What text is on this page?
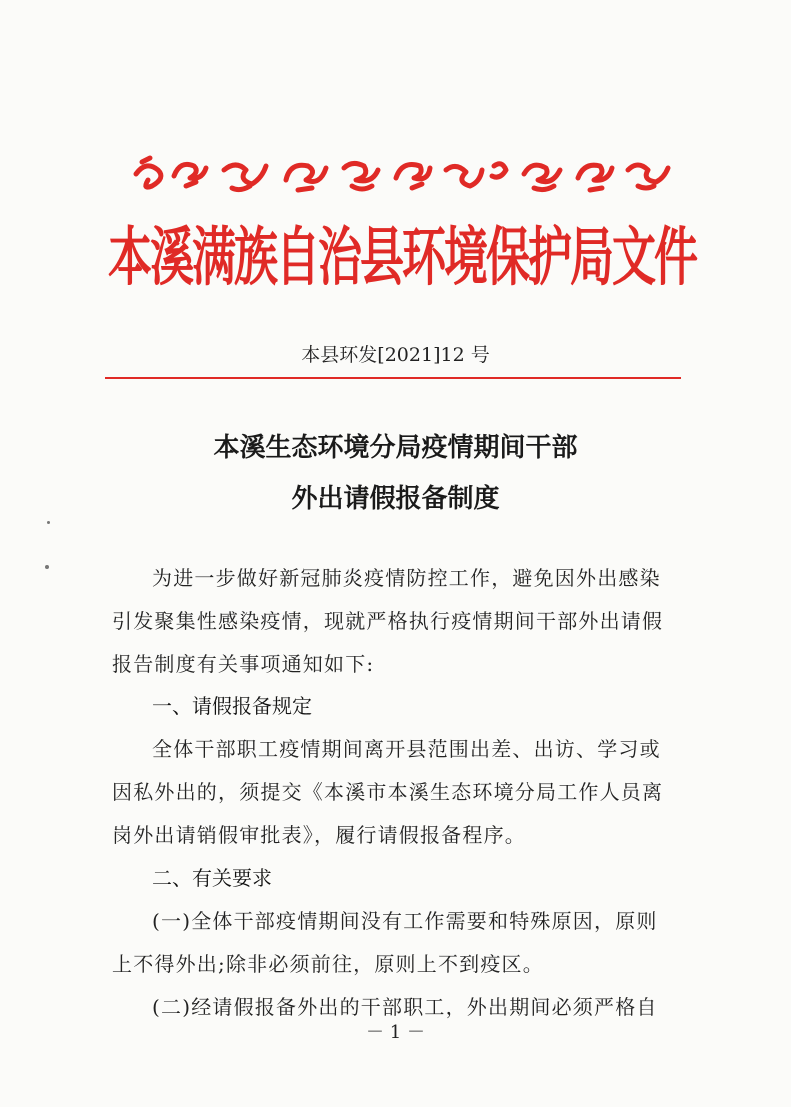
本溪满族自治县环境保护局文件
本县环发[2021]12 号
本溪生态环境分局疫情期间干部
外出请假报备制度
为进一步做好新冠肺炎疫情防控工作，避免因外出感染
引发聚集性感染疫情，现就严格执行疫情期间干部外出请假
报告制度有关事项通知如下:
一、请假报备规定
全体干部职工疫情期间离开县范围出差、出访、学习或
因私外出的，须提交《本溪市本溪生态环境分局工作人员离
岗外出请销假审批表》，履行请假报备程序。
二、有关要求
(一)全体干部疫情期间没有工作需要和特殊原因，原则
上不得外出;除非必须前往，原则上不到疫区。
(二)经请假报备外出的干部职工，外出期间必须严格自
－ 1 －
